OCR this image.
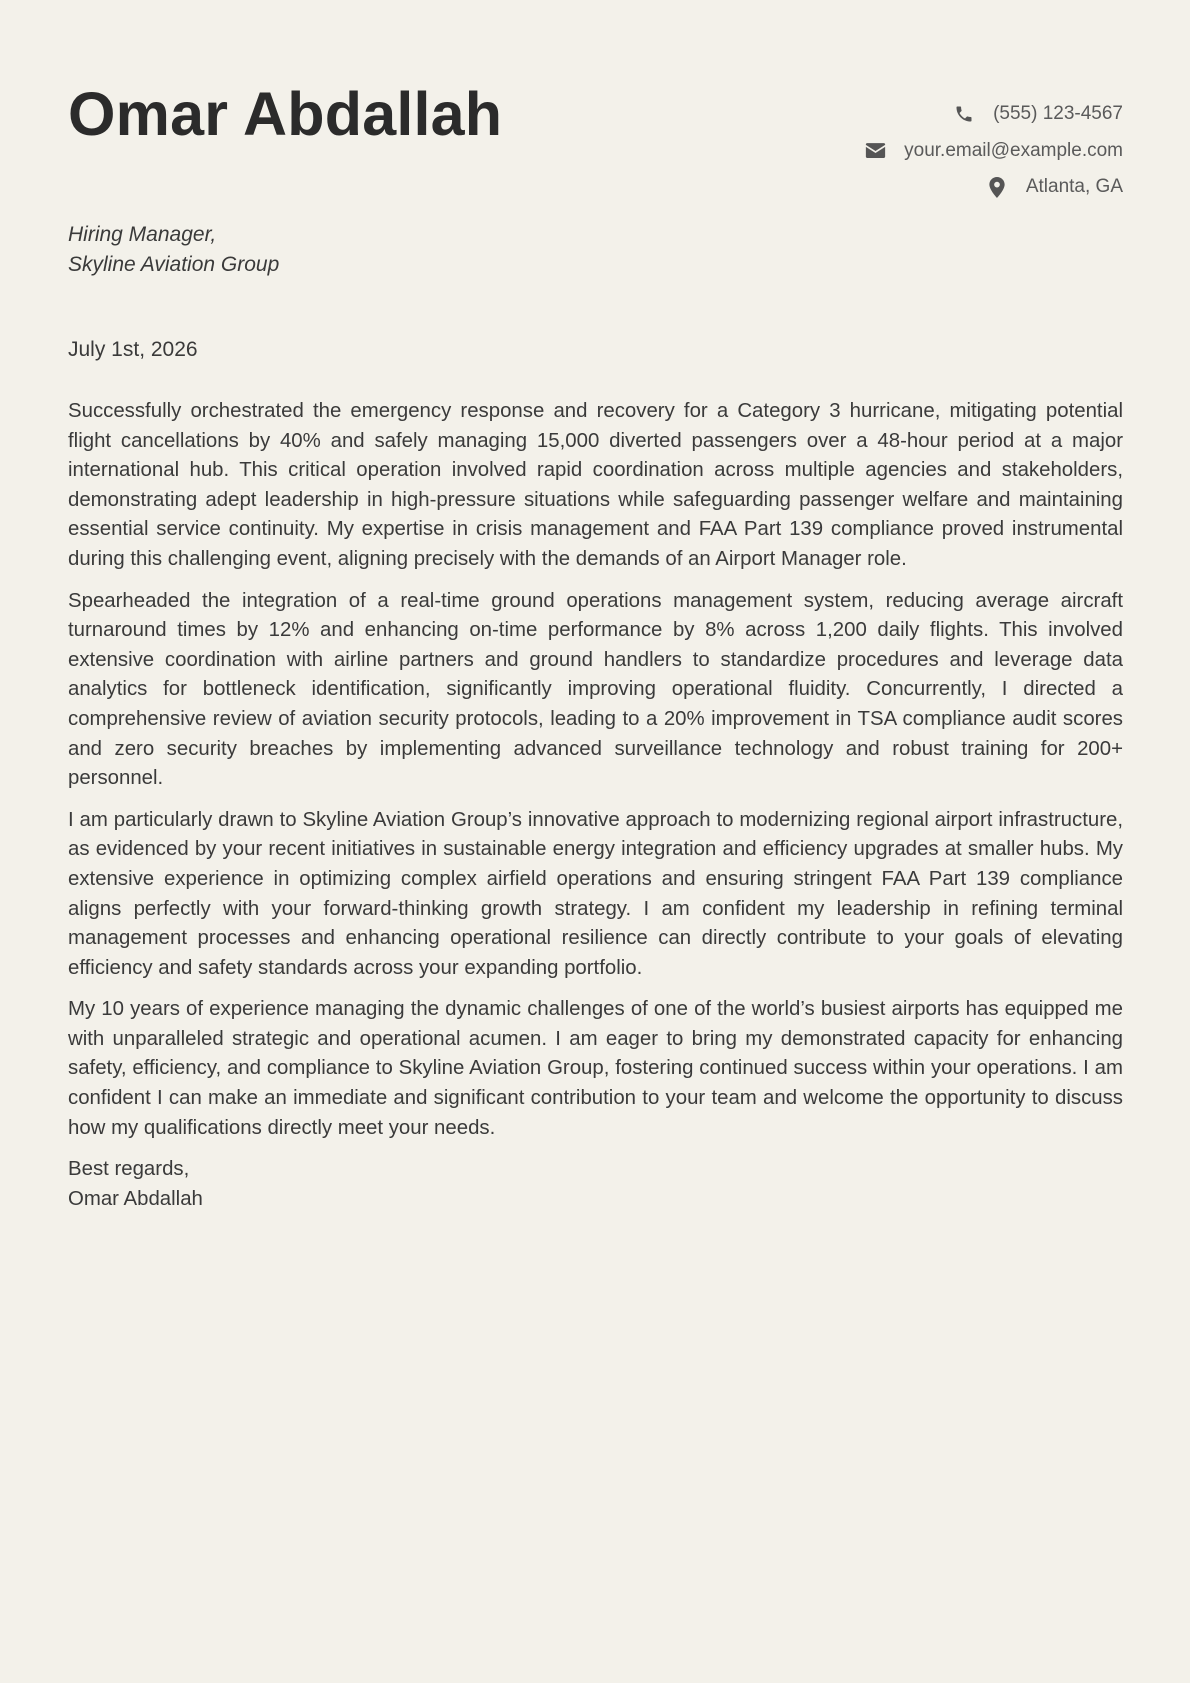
Omar Abdallah	(555) 123-4567
your.email@example.com
Atlanta, GA
Hiring Manager,
Skyline Aviation Group
July 1st, 2026

Successfully orchestrated the emergency response and recovery for a Category 3 hurricane, mitigating potential flight cancellations by 40% and safely managing 15,000 diverted passengers over a 48-hour period at a major international hub. This critical operation involved rapid coordination across multiple agencies and stakeholders, demonstrating adept leadership in high-pressure situations while safeguarding passenger welfare and maintaining essential service continuity. My expertise in crisis management and FAA Part 139 compliance proved instrumental during this challenging event, aligning precisely with the demands of an Airport Manager role.

Spearheaded the integration of a real-time ground operations management system, reducing average aircraft turnaround times by 12% and enhancing on-time performance by 8% across 1,200 daily flights. This involved extensive coordination with airline partners and ground handlers to standardize procedures and leverage data analytics for bottleneck identification, significantly improving operational fluidity. Concurrently, I directed a comprehensive review of aviation security protocols, leading to a 20% improvement in TSA compliance audit scores and zero security breaches by implementing advanced surveillance technology and robust training for 200+ personnel.

I am particularly drawn to Skyline Aviation Group’s innovative approach to modernizing regional airport infrastructure, as evidenced by your recent initiatives in sustainable energy integration and efficiency upgrades at smaller hubs. My extensive experience in optimizing complex airfield operations and ensuring stringent FAA Part 139 compliance aligns perfectly with your forward-thinking growth strategy. I am confident my leadership in refining terminal management processes and enhancing operational resilience can directly contribute to your goals of elevating efficiency and safety standards across your expanding portfolio.

My 10 years of experience managing the dynamic challenges of one of the world’s busiest airports has equipped me with unparalleled strategic and operational acumen. I am eager to bring my demonstrated capacity for enhancing safety, efficiency, and compliance to Skyline Aviation Group, fostering continued success within your operations. I am confident I can make an immediate and significant contribution to your team and welcome the opportunity to discuss how my qualifications directly meet your needs.

Best regards,
Omar Abdallah
